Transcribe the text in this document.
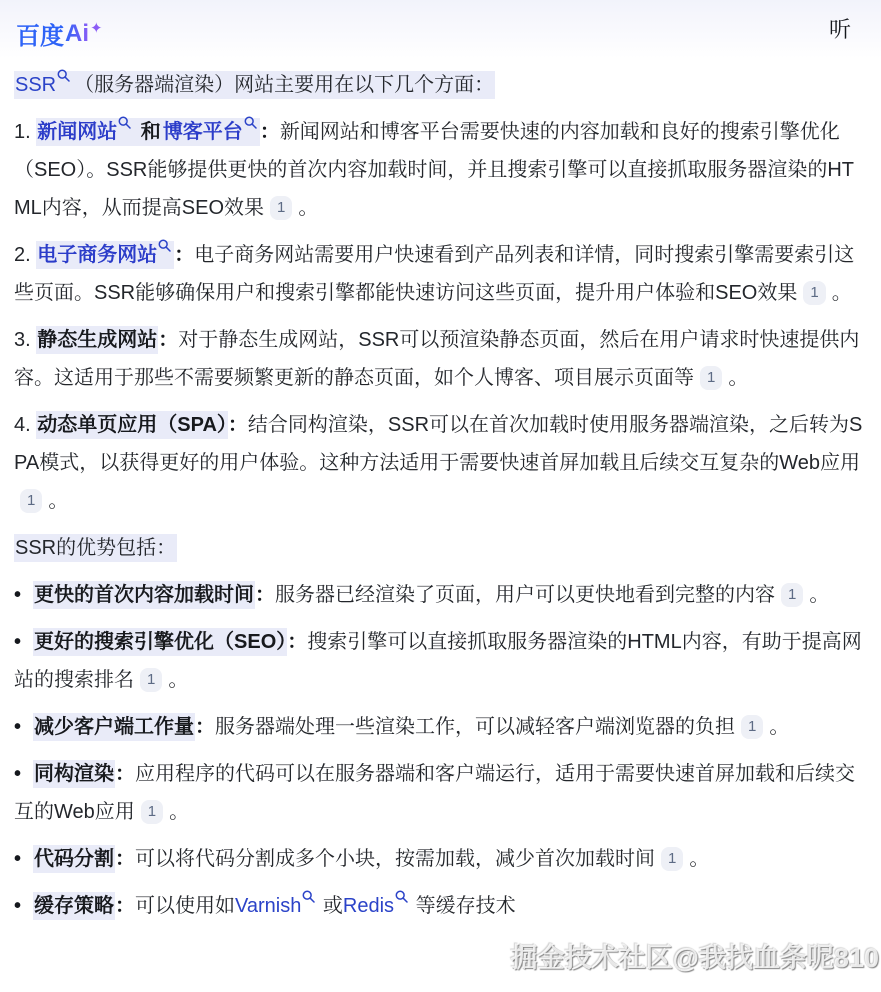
百度 Ai ✦	听
SSR （服务器端渲染）网站主要用在以下几个方面：
1. 新闻网站
和 博客平台 ：新闻网站和博客平台需要快速的内容加载和良好的搜索引擎优化（SEO）。SSR能够提供更快的首次内容加载时间，并且搜索引擎可以直接抓取服务器渲染的HTML内容，从而提高SEO效果 1 。
2. 电子商务网站 ：电子商务网站需要用户快速看到产品列表和详情，同时搜索引擎需要索引这些页面。SSR能够确保用户和搜索引擎都能快速访问这些页面，提升用户体验和SEO效果 1 。
3. 静态生成网站：对于静态生成网站，SSR可以预渲染静态页面，然后在用户请求时快速提供内容。这适用于那些不需要频繁更新的静态页面，如个人博客、项目展示页面等 1 。
4. 动态单页应用（SPA）：结合同构渲染，SSR可以在首次加载时使用服务器端渲染，之后转为SPA模式，以获得更好的用户体验。这种方法适用于需要快速首屏加载且后续交互复杂的Web应用1 。
SSR的优势包括：
• 更快的首次内容加载时间：服务器已经渲染了页面，用户可以更快地看到完整的内容 1 。
• 更好的搜索引擎优化（SEO）：搜索引擎可以直接抓取服务器渲染的HTML内容，有助于提高网站的搜索排名 1 。
• 减少客户端工作量：服务器端处理一些渲染工作，可以减轻客户端浏览器的负担 1 。
• 同构渲染：应用程序的代码可以在服务器端和客户端运行，适用于需要快速首屏加载和后续交互的Web应用 1 。
• 代码分割：可以将代码分割成多个小块，按需加载，减少首次加载时间 1 。
• 缓存策略：可以使用如Varnish
或Redis
等缓存技术
掘金技术社区@我找血条呢810
